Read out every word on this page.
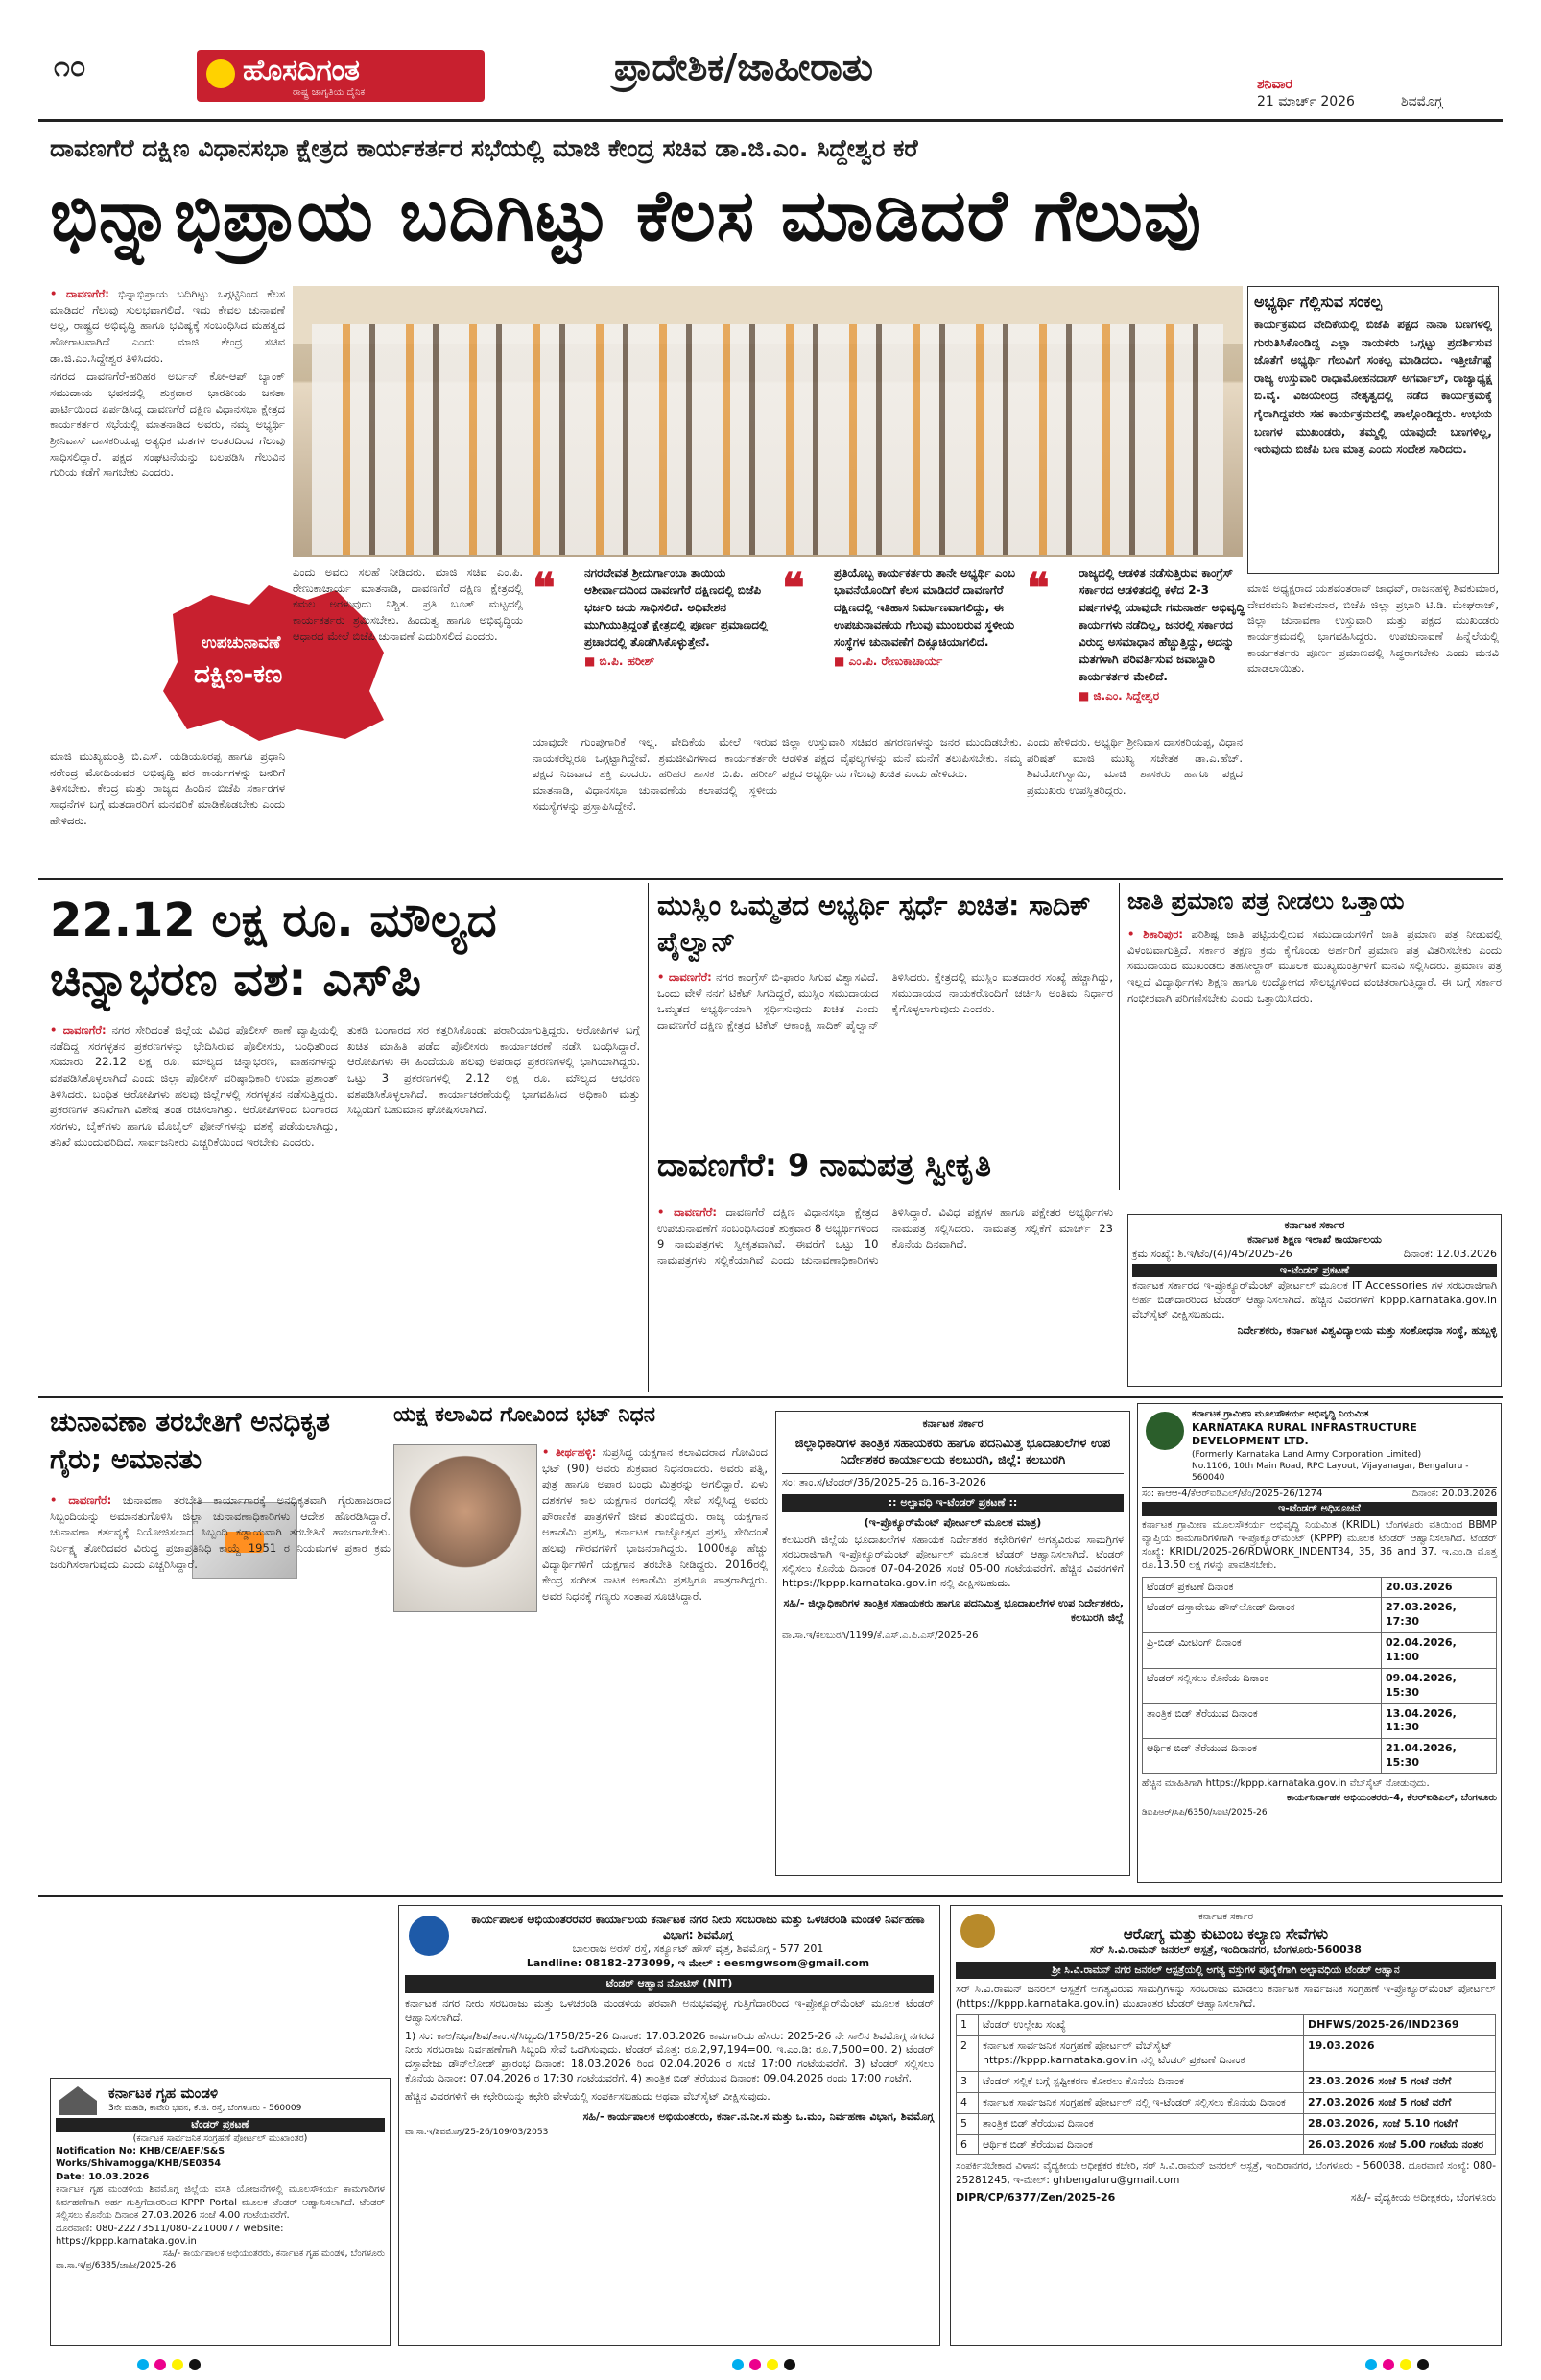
೧೦	ಹೊಸದಿಗಂತ
ರಾಷ್ಟ್ರ ಜಾಗೃತಿಯ ದೈನಿಕ
ಪ್ರಾದೇಶಿಕ/ಜಾಹೀರಾತು	ಶನಿವಾರ
21 ಮಾರ್ಚ್ 2026	ಶಿವಮೊಗ್ಗ
ದಾವಣಗೆರೆ ದಕ್ಷಿಣ ವಿಧಾನಸಭಾ ಕ್ಷೇತ್ರದ ಕಾರ್ಯಕರ್ತರ ಸಭೆಯಲ್ಲಿ ಮಾಜಿ ಕೇಂದ್ರ ಸಚಿವ ಡಾ.ಜಿ.ಎಂ. ಸಿದ್ದೇಶ್ವರ ಕರೆ
ಭಿನ್ನಾಭಿಪ್ರಾಯ ಬದಿಗಿಟ್ಟು ಕೆಲಸ ಮಾಡಿದರೆ ಗೆಲುವು

• ದಾವಣಗೆರೆ: ಭಿನ್ನಾಭಿಪ್ರಾಯ ಬದಿಗಿಟ್ಟು ಒಗ್ಗಟ್ಟಿನಿಂದ ಕೆಲಸ ಮಾಡಿದರೆ ಗೆಲುವು ಸುಲಭವಾಗಲಿದೆ. ಇದು ಕೇವಲ ಚುನಾವಣೆ ಅಲ್ಲ, ರಾಷ್ಟ್ರದ ಅಭಿವೃದ್ಧಿ ಹಾಗೂ ಭವಿಷ್ಯಕ್ಕೆ ಸಂಬಂಧಿಸಿದ ಮಹತ್ವದ ಹೋರಾಟವಾಗಿದೆ ಎಂದು ಮಾಜಿ ಕೇಂದ್ರ ಸಚಿವ ಡಾ.ಜಿ.ಎಂ.ಸಿದ್ದೇಶ್ವರ ತಿಳಿಸಿದರು.

ನಗರದ ದಾವಣಗೆರೆ-ಹರಿಹರ ಅರ್ಬನ್ ಕೋ-ಆಪ್ ಬ್ಯಾಂಕ್ ಸಮುದಾಯ ಭವನದಲ್ಲಿ ಶುಕ್ರವಾರ ಭಾರತೀಯ ಜನತಾ ಪಾರ್ಟಿಯಿಂದ ಏರ್ಪಡಿಸಿದ್ದ ದಾವಣಗೆರೆ ದಕ್ಷಿಣ ವಿಧಾನಸಭಾ ಕ್ಷೇತ್ರದ ಕಾರ್ಯಕರ್ತರ ಸಭೆಯಲ್ಲಿ ಮಾತನಾಡಿದ ಅವರು, ನಮ್ಮ ಅಭ್ಯರ್ಥಿ ಶ್ರೀನಿವಾಸ್ ದಾಸಕರಿಯಪ್ಪ ಅತ್ಯಧಿಕ ಮತಗಳ ಅಂತರದಿಂದ ಗೆಲುವು ಸಾಧಿಸಲಿದ್ದಾರೆ. ಪಕ್ಷದ ಸಂಘಟನೆಯನ್ನು ಬಲಪಡಿಸಿ ಗೆಲುವಿನ ಗುರಿಯ ಕಡೆಗೆ ಸಾಗಬೇಕು ಎಂದರು.

ಉಪಚುನಾವಣೆ
ದಕ್ಷಿಣ-ಕಣ

ಮಾಜಿ ಮುಖ್ಯಮಂತ್ರಿ ಬಿ.ಎಸ್. ಯಡಿಯೂರಪ್ಪ ಹಾಗೂ ಪ್ರಧಾನಿ ನರೇಂದ್ರ ಮೋದಿಯವರ ಅಭಿವೃದ್ಧಿ ಪರ ಕಾರ್ಯಗಳನ್ನು ಜನರಿಗೆ ತಿಳಿಸಬೇಕು. ಕೇಂದ್ರ ಮತ್ತು ರಾಜ್ಯದ ಹಿಂದಿನ ಬಿಜೆಪಿ ಸರ್ಕಾರಗಳ ಸಾಧನೆಗಳ ಬಗ್ಗೆ ಮತದಾರರಿಗೆ ಮನವರಿಕೆ ಮಾಡಿಕೊಡಬೇಕು ಎಂದು ಹೇಳಿದರು.

ಅಭ್ಯರ್ಥಿ ಗೆಲ್ಲಿಸುವ ಸಂಕಲ್ಪ
ಕಾರ್ಯಕ್ರಮದ ವೇದಿಕೆಯಲ್ಲಿ ಬಿಜೆಪಿ ಪಕ್ಷದ ನಾನಾ ಬಣಗಳಲ್ಲಿ ಗುರುತಿಸಿಕೊಂಡಿದ್ದ ಎಲ್ಲಾ ನಾಯಕರು ಒಗ್ಗಟ್ಟು ಪ್ರದರ್ಶಿಸುವ ಜೊತೆಗೆ ಅಭ್ಯರ್ಥಿ ಗೆಲುವಿಗೆ ಸಂಕಲ್ಪ ಮಾಡಿದರು. ಇತ್ತೀಚೆಗಷ್ಟೆ ರಾಜ್ಯ ಉಸ್ತುವಾರಿ ರಾಧಾಮೋಹನದಾಸ್ ಅಗರ್ವಾಲ್, ರಾಜ್ಯಾಧ್ಯಕ್ಷ ಬಿ.ವೈ. ವಿಜಯೇಂದ್ರ ನೇತೃತ್ವದಲ್ಲಿ ನಡೆದ ಕಾರ್ಯಕ್ರಮಕ್ಕೆ ಗೈರಾಗಿದ್ದವರು ಸಹ ಕಾರ್ಯಕ್ರಮದಲ್ಲಿ ಪಾಲ್ಗೊಂಡಿದ್ದರು. ಉಭಯ ಬಣಗಳ ಮುಖಂಡರು, ತಮ್ಮಲ್ಲಿ ಯಾವುದೇ ಬಣಗಳಿಲ್ಲ, ಇರುವುದು ಬಿಜೆಪಿ ಬಣ ಮಾತ್ರ ಎಂದು ಸಂದೇಶ ಸಾರಿದರು.

ಎಂದು ಅವರು ಸಲಹೆ ನೀಡಿದರು. ಮಾಜಿ ಸಚಿವ ಎಂ.ಪಿ. ರೇಣುಕಾಚಾರ್ಯ ಮಾತನಾಡಿ, ದಾವಣಗೆರೆ ದಕ್ಷಿಣ ಕ್ಷೇತ್ರದಲ್ಲಿ ಕಮಲ ಅರಳುವುದು ನಿಶ್ಚಿತ. ಪ್ರತಿ ಬೂತ್ ಮಟ್ಟದಲ್ಲಿ ಕಾರ್ಯಕರ್ತರು ಶ್ರಮಿಸಬೇಕು. ಹಿಂದುತ್ವ ಹಾಗೂ ಅಭಿವೃದ್ಧಿಯ ಆಧಾರದ ಮೇಲೆ ಬಿಜೆಪಿ ಚುನಾವಣೆ ಎದುರಿಸಲಿದೆ ಎಂದರು.

❝	ನಗರದೇವತೆ ಶ್ರೀದುರ್ಗಾಂಬಾ ತಾಯಿಯ ಆಶೀರ್ವಾದದಿಂದ ದಾವಣಗೆರೆ ದಕ್ಷಿಣದಲ್ಲಿ ಬಿಜೆಪಿ ಭರ್ಜರಿ ಜಯ ಸಾಧಿಸಲಿದೆ. ಅಧಿವೇಶನ ಮುಗಿಯುತ್ತಿದ್ದಂತೆ ಕ್ಷೇತ್ರದಲ್ಲಿ ಪೂರ್ಣ ಪ್ರಮಾಣದಲ್ಲಿ ಪ್ರಚಾರದಲ್ಲಿ ತೊಡಗಿಸಿಕೊಳ್ಳುತ್ತೇನೆ.
■ ಬಿ.ಪಿ. ಹರೀಶ್
❝	ಪ್ರತಿಯೊಬ್ಬ ಕಾರ್ಯಕರ್ತರು ತಾನೇ ಅಭ್ಯರ್ಥಿ ಎಂಬ ಭಾವನೆಯೊಂದಿಗೆ ಕೆಲಸ ಮಾಡಿದರೆ ದಾವಣಗೆರೆ ದಕ್ಷಿಣದಲ್ಲಿ ಇತಿಹಾಸ ನಿರ್ಮಾಣವಾಗಲಿದ್ದು, ಈ ಉಪಚುನಾವಣೆಯ ಗೆಲುವು ಮುಂಬರುವ ಸ್ಥಳೀಯ ಸಂಸ್ಥೆಗಳ ಚುನಾವಣೆಗೆ ದಿಕ್ಸೂಚಿಯಾಗಲಿದೆ.
■ ಎಂ.ಪಿ. ರೇಣುಕಾಚಾರ್ಯ
❝	ರಾಜ್ಯದಲ್ಲಿ ಆಡಳಿತ ನಡೆಸುತ್ತಿರುವ ಕಾಂಗ್ರೆಸ್ ಸರ್ಕಾರದ ಆಡಳಿತದಲ್ಲಿ ಕಳೆದ 2-3 ವರ್ಷಗಳಲ್ಲಿ ಯಾವುದೇ ಗಮನಾರ್ಹ ಅಭಿವೃದ್ಧಿ ಕಾರ್ಯಗಳು ನಡೆದಿಲ್ಲ, ಜನರಲ್ಲಿ ಸರ್ಕಾರದ ವಿರುದ್ಧ ಅಸಮಾಧಾನ ಹೆಚ್ಚುತ್ತಿದ್ದು, ಅದನ್ನು ಮತಗಳಾಗಿ ಪರಿವರ್ತಿಸುವ ಜವಾಬ್ದಾರಿ ಕಾರ್ಯಕರ್ತರ ಮೇಲಿದೆ.
■ ಜಿ.ಎಂ. ಸಿದ್ದೇಶ್ವರ

ಯಾವುದೇ ಗುಂಪುಗಾರಿಕೆ ಇಲ್ಲ. ವೇದಿಕೆಯ ಮೇಲೆ ಇರುವ ನಾಯಕರೆಲ್ಲರೂ ಒಗ್ಗಟ್ಟಾಗಿದ್ದೇವೆ. ಶ್ರಮಜೀವಿಗಳಾದ ಕಾರ್ಯಕರ್ತರೇ ಪಕ್ಷದ ನಿಜವಾದ ಶಕ್ತಿ ಎಂದರು. ಹರಿಹರ ಶಾಸಕ ಬಿ.ಪಿ. ಹರೀಶ್ ಮಾತನಾಡಿ, ವಿಧಾನಸಭಾ ಚುನಾವಣೆಯ ಕಲಾಪದಲ್ಲಿ ಸ್ಥಳೀಯ ಸಮಸ್ಯೆಗಳನ್ನು ಪ್ರಸ್ತಾಪಿಸಿದ್ದೇನೆ.

ಜಿಲ್ಲಾ ಉಸ್ತುವಾರಿ ಸಚಿವರ ಹಗರಣಗಳನ್ನು ಜನರ ಮುಂದಿಡಬೇಕು. ಆಡಳಿತ ಪಕ್ಷದ ವೈಫಲ್ಯಗಳನ್ನು ಮನೆ ಮನೆಗೆ ತಲುಪಿಸಬೇಕು. ನಮ್ಮ ಪಕ್ಷದ ಅಭ್ಯರ್ಥಿಯ ಗೆಲುವು ಖಚಿತ ಎಂದು ಹೇಳಿದರು.

ಎಂದು ಹೇಳಿದರು. ಅಭ್ಯರ್ಥಿ ಶ್ರೀನಿವಾಸ ದಾಸಕರಿಯಪ್ಪ, ವಿಧಾನ ಪರಿಷತ್ ಮಾಜಿ ಮುಖ್ಯ ಸಚೇತಕ ಡಾ.ಎ.ಹೆಚ್. ಶಿವಯೋಗಿಸ್ವಾಮಿ, ಮಾಜಿ ಶಾಸಕರು ಹಾಗೂ ಪಕ್ಷದ ಪ್ರಮುಖರು ಉಪಸ್ಥಿತರಿದ್ದರು.

ಮಾಜಿ ಅಧ್ಯಕ್ಷರಾದ ಯಶವಂತರಾವ್ ಜಾಧವ್, ರಾಜನಹಳ್ಳಿ ಶಿವಕುಮಾರ, ದೇವರಮನಿ ಶಿವಕುಮಾರ, ಬಿಜೆಪಿ ಜಿಲ್ಲಾ ಪ್ರಭಾರಿ ಟಿ.ಡಿ. ಮೇಘರಾಜ್, ಜಿಲ್ಲಾ ಚುನಾವಣಾ ಉಸ್ತುವಾರಿ ಮತ್ತು ಪಕ್ಷದ ಮುಖಂಡರು ಕಾರ್ಯಕ್ರಮದಲ್ಲಿ ಭಾಗವಹಿಸಿದ್ದರು. ಉಪಚುನಾವಣೆ ಹಿನ್ನೆಲೆಯಲ್ಲಿ ಕಾರ್ಯಕರ್ತರು ಪೂರ್ಣ ಪ್ರಮಾಣದಲ್ಲಿ ಸಿದ್ಧರಾಗಬೇಕು ಎಂದು ಮನವಿ ಮಾಡಲಾಯಿತು.

22.12 ಲಕ್ಷ ರೂ. ಮೌಲ್ಯದ ಚಿನ್ನಾಭರಣ ವಶ: ಎಸ್‌ಪಿ

• ದಾವಣಗೆರೆ: ನಗರ ಸೇರಿದಂತೆ ಜಿಲ್ಲೆಯ ವಿವಿಧ ಪೊಲೀಸ್ ಠಾಣೆ ವ್ಯಾಪ್ತಿಯಲ್ಲಿ ನಡೆದಿದ್ದ ಸರಗಳ್ಳತನ ಪ್ರಕರಣಗಳನ್ನು ಭೇದಿಸಿರುವ ಪೊಲೀಸರು, ಬಂಧಿತರಿಂದ ಸುಮಾರು 22.12 ಲಕ್ಷ ರೂ. ಮೌಲ್ಯದ ಚಿನ್ನಾಭರಣ, ವಾಹನಗಳನ್ನು ವಶಪಡಿಸಿಕೊಳ್ಳಲಾಗಿದೆ ಎಂದು ಜಿಲ್ಲಾ ಪೊಲೀಸ್ ವರಿಷ್ಠಾಧಿಕಾರಿ ಉಮಾ ಪ್ರಶಾಂತ್ ತಿಳಿಸಿದರು. ಬಂಧಿತ ಆರೋಪಿಗಳು ಹಲವು ಜಿಲ್ಲೆಗಳಲ್ಲಿ ಸರಗಳ್ಳತನ ನಡೆಸುತ್ತಿದ್ದರು. ಪ್ರಕರಣಗಳ ತನಿಖೆಗಾಗಿ ವಿಶೇಷ ತಂಡ ರಚಿಸಲಾಗಿತ್ತು. ಆರೋಪಿಗಳಿಂದ ಬಂಗಾರದ ಸರಗಳು, ಬೈಕ್‌ಗಳು ಹಾಗೂ ಮೊಬೈಲ್ ಫೋನ್‌ಗಳನ್ನು ವಶಕ್ಕೆ ಪಡೆಯಲಾಗಿದ್ದು, ತನಿಖೆ ಮುಂದುವರಿದಿದೆ. ಸಾರ್ವಜನಿಕರು ಎಚ್ಚರಿಕೆಯಿಂದ ಇರಬೇಕು ಎಂದರು.

ತುಕಡಿ ಬಂಗಾರದ ಸರ ಕತ್ತರಿಸಿಕೊಂಡು ಪರಾರಿಯಾಗುತ್ತಿದ್ದರು. ಆರೋಪಿಗಳ ಬಗ್ಗೆ ಖಚಿತ ಮಾಹಿತಿ ಪಡೆದ ಪೊಲೀಸರು ಕಾರ್ಯಾಚರಣೆ ನಡೆಸಿ ಬಂಧಿಸಿದ್ದಾರೆ. ಆರೋಪಿಗಳು ಈ ಹಿಂದೆಯೂ ಹಲವು ಅಪರಾಧ ಪ್ರಕರಣಗಳಲ್ಲಿ ಭಾಗಿಯಾಗಿದ್ದರು. ಒಟ್ಟು 3 ಪ್ರಕರಣಗಳಲ್ಲಿ 2.12 ಲಕ್ಷ ರೂ. ಮೌಲ್ಯದ ಆಭರಣ ವಶಪಡಿಸಿಕೊಳ್ಳಲಾಗಿದೆ. ಕಾರ್ಯಾಚರಣೆಯಲ್ಲಿ ಭಾಗವಹಿಸಿದ ಅಧಿಕಾರಿ ಮತ್ತು ಸಿಬ್ಬಂದಿಗೆ ಬಹುಮಾನ ಘೋಷಿಸಲಾಗಿದೆ.

ಮುಸ್ಲಿಂ ಒಮ್ಮತದ ಅಭ್ಯರ್ಥಿ ಸ್ಪರ್ಧೆ ಖಚಿತ: ಸಾದಿಕ್ ಪೈಲ್ವಾನ್

• ದಾವಣಗೆರೆ: ನಗರ ಕಾಂಗ್ರೆಸ್ ಬಿ-ಫಾರಂ ಸಿಗುವ ವಿಶ್ವಾಸವಿದೆ. ಒಂದು ವೇಳೆ ನನಗೆ ಟಿಕೆಟ್ ಸಿಗದಿದ್ದರೆ, ಮುಸ್ಲಿಂ ಸಮುದಾಯದ ಒಮ್ಮತದ ಅಭ್ಯರ್ಥಿಯಾಗಿ ಸ್ಪರ್ಧಿಸುವುದು ಖಚಿತ ಎಂದು ದಾವಣಗೆರೆ ದಕ್ಷಿಣ ಕ್ಷೇತ್ರದ ಟಿಕೆಟ್ ಆಕಾಂಕ್ಷಿ ಸಾದಿಕ್ ಪೈಲ್ವಾನ್ ತಿಳಿಸಿದರು. ಕ್ಷೇತ್ರದಲ್ಲಿ ಮುಸ್ಲಿಂ ಮತದಾರರ ಸಂಖ್ಯೆ ಹೆಚ್ಚಾಗಿದ್ದು, ಸಮುದಾಯದ ನಾಯಕರೊಂದಿಗೆ ಚರ್ಚಿಸಿ ಅಂತಿಮ ನಿರ್ಧಾರ ಕೈಗೊಳ್ಳಲಾಗುವುದು ಎಂದರು.

ಜಾತಿ ಪ್ರಮಾಣ ಪತ್ರ ನೀಡಲು ಒತ್ತಾಯ

• ಶಿಕಾರಿಪುರ: ಪರಿಶಿಷ್ಟ ಜಾತಿ ಪಟ್ಟಿಯಲ್ಲಿರುವ ಸಮುದಾಯಗಳಿಗೆ ಜಾತಿ ಪ್ರಮಾಣ ಪತ್ರ ನೀಡುವಲ್ಲಿ ವಿಳಂಬವಾಗುತ್ತಿದೆ. ಸರ್ಕಾರ ತಕ್ಷಣ ಕ್ರಮ ಕೈಗೊಂಡು ಅರ್ಹರಿಗೆ ಪ್ರಮಾಣ ಪತ್ರ ವಿತರಿಸಬೇಕು ಎಂದು ಸಮುದಾಯದ ಮುಖಂಡರು ತಹಸೀಲ್ದಾರ್ ಮೂಲಕ ಮುಖ್ಯಮಂತ್ರಿಗಳಿಗೆ ಮನವಿ ಸಲ್ಲಿಸಿದರು. ಪ್ರಮಾಣ ಪತ್ರ ಇಲ್ಲದೆ ವಿದ್ಯಾರ್ಥಿಗಳು ಶಿಕ್ಷಣ ಹಾಗೂ ಉದ್ಯೋಗದ ಸೌಲಭ್ಯಗಳಿಂದ ವಂಚಿತರಾಗುತ್ತಿದ್ದಾರೆ. ಈ ಬಗ್ಗೆ ಸರ್ಕಾರ ಗಂಭೀರವಾಗಿ ಪರಿಗಣಿಸಬೇಕು ಎಂದು ಒತ್ತಾಯಿಸಿದರು.

ದಾವಣಗೆರೆ: 9 ನಾಮಪತ್ರ ಸ್ವೀಕೃತಿ

• ದಾವಣಗೆರೆ: ದಾವಣಗೆರೆ ದಕ್ಷಿಣ ವಿಧಾನಸಭಾ ಕ್ಷೇತ್ರದ ಉಪಚುನಾವಣೆಗೆ ಸಂಬಂಧಿಸಿದಂತೆ ಶುಕ್ರವಾರ 8 ಅಭ್ಯರ್ಥಿಗಳಿಂದ 9 ನಾಮಪತ್ರಗಳು ಸ್ವೀಕೃತವಾಗಿವೆ. ಈವರೆಗೆ ಒಟ್ಟು 10 ನಾಮಪತ್ರಗಳು ಸಲ್ಲಿಕೆಯಾಗಿವೆ ಎಂದು ಚುನಾವಣಾಧಿಕಾರಿಗಳು ತಿಳಿಸಿದ್ದಾರೆ. ವಿವಿಧ ಪಕ್ಷಗಳ ಹಾಗೂ ಪಕ್ಷೇತರ ಅಭ್ಯರ್ಥಿಗಳು ನಾಮಪತ್ರ ಸಲ್ಲಿಸಿದರು. ನಾಮಪತ್ರ ಸಲ್ಲಿಕೆಗೆ ಮಾರ್ಚ್ 23 ಕೊನೆಯ ದಿನವಾಗಿದೆ.

ಕರ್ನಾಟಕ ಸರ್ಕಾರ
ಕರ್ನಾಟಕ ಶಿಕ್ಷಣ ಇಲಾಖೆ ಕಾರ್ಯಾಲಯ
ಕ್ರಮ ಸಂಖ್ಯೆ: ಶಿ.ಇ/ಟೆಂ/(4)/45/2025-26	ದಿನಾಂಕ: 12.03.2026
ಇ-ಟೆಂಡರ್ ಪ್ರಕಟಣೆ
ಕರ್ನಾಟಕ ಸರ್ಕಾರದ ಇ-ಪ್ರೊಕ್ಯೂರ್‌ಮೆಂಟ್ ಪೋರ್ಟಲ್ ಮೂಲಕ IT Accessories ಗಳ ಸರಬರಾಜಿಗಾಗಿ ಅರ್ಹ ಬಿಡ್‌ದಾರರಿಂದ ಟೆಂಡರ್ ಆಹ್ವಾನಿಸಲಾಗಿದೆ. ಹೆಚ್ಚಿನ ವಿವರಗಳಿಗೆ kppp.karnataka.gov.in ವೆಬ್‌ಸೈಟ್ ವೀಕ್ಷಿಸಬಹುದು.
ನಿರ್ದೇಶಕರು, ಕರ್ನಾಟಕ ವಿಶ್ವವಿದ್ಯಾಲಯ ಮತ್ತು ಸಂಶೋಧನಾ ಸಂಸ್ಥೆ, ಹುಬ್ಬಳ್ಳಿ
ಚುನಾವಣಾ ತರಬೇತಿಗೆ ಅನಧಿಕೃತ ಗೈರು; ಅಮಾನತು

• ದಾವಣಗೆರೆ: ಚುನಾವಣಾ ತರಬೇತಿ ಕಾರ್ಯಾಗಾರಕ್ಕೆ ಅನಧಿಕೃತವಾಗಿ ಗೈರುಹಾಜರಾದ ಸಿಬ್ಬಂದಿಯನ್ನು ಅಮಾನತುಗೊಳಿಸಿ ಜಿಲ್ಲಾ ಚುನಾವಣಾಧಿಕಾರಿಗಳು ಆದೇಶ ಹೊರಡಿಸಿದ್ದಾರೆ. ಚುನಾವಣಾ ಕರ್ತವ್ಯಕ್ಕೆ ನಿಯೋಜಿಸಲಾದ ಸಿಬ್ಬಂದಿ ಕಡ್ಡಾಯವಾಗಿ ತರಬೇತಿಗೆ ಹಾಜರಾಗಬೇಕು. ನಿರ್ಲಕ್ಷ್ಯ ತೋರಿದವರ ವಿರುದ್ಧ ಪ್ರಜಾಪ್ರತಿನಿಧಿ ಕಾಯ್ದೆ 1951 ರ ನಿಯಮಗಳ ಪ್ರಕಾರ ಕ್ರಮ ಜರುಗಿಸಲಾಗುವುದು ಎಂದು ಎಚ್ಚರಿಸಿದ್ದಾರೆ.

ಯಕ್ಷ ಕಲಾವಿದ ಗೋವಿಂದ ಭಟ್ ನಿಧನ

• ತೀರ್ಥಹಳ್ಳಿ: ಸುಪ್ರಸಿದ್ಧ ಯಕ್ಷಗಾನ ಕಲಾವಿದರಾದ ಗೋವಿಂದ ಭಟ್ (90) ಅವರು ಶುಕ್ರವಾರ ನಿಧನರಾದರು. ಅವರು ಪತ್ನಿ, ಪುತ್ರ ಹಾಗೂ ಅಪಾರ ಬಂಧು ಮಿತ್ರರನ್ನು ಅಗಲಿದ್ದಾರೆ. ಏಳು ದಶಕಗಳ ಕಾಲ ಯಕ್ಷಗಾನ ರಂಗದಲ್ಲಿ ಸೇವೆ ಸಲ್ಲಿಸಿದ್ದ ಅವರು ಪೌರಾಣಿಕ ಪಾತ್ರಗಳಿಗೆ ಜೀವ ತುಂಬಿದ್ದರು. ರಾಜ್ಯ ಯಕ್ಷಗಾನ ಅಕಾಡೆಮಿ ಪ್ರಶಸ್ತಿ, ಕರ್ನಾಟಕ ರಾಜ್ಯೋತ್ಸವ ಪ್ರಶಸ್ತಿ ಸೇರಿದಂತೆ ಹಲವು ಗೌರವಗಳಿಗೆ ಭಾಜನರಾಗಿದ್ದರು. 1000ಕ್ಕೂ ಹೆಚ್ಚು ವಿದ್ಯಾರ್ಥಿಗಳಿಗೆ ಯಕ್ಷಗಾನ ತರಬೇತಿ ನೀಡಿದ್ದರು. 2016ರಲ್ಲಿ ಕೇಂದ್ರ ಸಂಗೀತ ನಾಟಕ ಅಕಾಡೆಮಿ ಪ್ರಶಸ್ತಿಗೂ ಪಾತ್ರರಾಗಿದ್ದರು. ಅವರ ನಿಧನಕ್ಕೆ ಗಣ್ಯರು ಸಂತಾಪ ಸೂಚಿಸಿದ್ದಾರೆ.

ಕರ್ನಾಟಕ ಸರ್ಕಾರ
ಜಿಲ್ಲಾಧಿಕಾರಿಗಳ ತಾಂತ್ರಿಕ ಸಹಾಯಕರು ಹಾಗೂ ಪದನಿಮಿತ್ತ ಭೂದಾಖಲೆಗಳ ಉಪ ನಿರ್ದೇಶಕರ ಕಾರ್ಯಾಲಯ ಕಲಬುರಗಿ, ಜಿಲ್ಲೆ: ಕಲಬುರಗಿ
ಸಂ: ತಾಂ.ಸ/ಟೆಂಡರ್/36/2025-26 ದಿ.16-3-2026
:: ಅಲ್ಪಾವಧಿ ಇ-ಟೆಂಡರ್ ಪ್ರಕಟಣೆ ::
(ಇ-ಪ್ರೊಕ್ಯೂರ್‌ಮೆಂಟ್ ಪೋರ್ಟಲ್ ಮೂಲಕ ಮಾತ್ರ)
ಕಲಬುರಗಿ ಜಿಲ್ಲೆಯ ಭೂದಾಖಲೆಗಳ ಸಹಾಯಕ ನಿರ್ದೇಶಕರ ಕಛೇರಿಗಳಿಗೆ ಅಗತ್ಯವಿರುವ ಸಾಮಗ್ರಿಗಳ ಸರಬರಾಜಿಗಾಗಿ ಇ-ಪ್ರೊಕ್ಯೂರ್‌ಮೆಂಟ್ ಪೋರ್ಟಲ್ ಮೂಲಕ ಟೆಂಡರ್ ಆಹ್ವಾನಿಸಲಾಗಿದೆ. ಟೆಂಡರ್ ಸಲ್ಲಿಸಲು ಕೊನೆಯ ದಿನಾಂಕ 07-04-2026 ಸಂಜೆ 05-00 ಗಂಟೆಯವರೆಗೆ. ಹೆಚ್ಚಿನ ವಿವರಗಳಿಗೆ https://kppp.karnataka.gov.in ನಲ್ಲಿ ವೀಕ್ಷಿಸಬಹುದು.
ಸಹಿ/- ಜಿಲ್ಲಾಧಿಕಾರಿಗಳ ತಾಂತ್ರಿಕ ಸಹಾಯಕರು ಹಾಗೂ ಪದನಿಮಿತ್ತ ಭೂದಾಖಲೆಗಳ ಉಪ ನಿರ್ದೇಶಕರು, ಕಲಬುರಗಿ ಜಿಲ್ಲೆ
ವಾ.ಸಾ.ಇ/ಕಲಬುರಗಿ/1199/ಕೆ.ಎಸ್.ಎ.ಪಿ.ಎಸ್/2025-26
ಕರ್ನಾಟಕ ಗ್ರಾಮೀಣ ಮೂಲಸೌಕರ್ಯ ಅಭಿವೃದ್ಧಿ ನಿಯಮಿತ
KARNATAKA RURAL INFRASTRUCTURE DEVELOPMENT LTD.
(Formerly Karnataka Land Army Corporation Limited)
No.1106, 10th Main Road, RPC Layout, Vijayanagar, Bengaluru - 560040
ಸಂ: ಕಾಆಆ-4/ಕೆಆರ್‌ಐಡಿಎಲ್/ಟೆಂ/2025-26/1274	ದಿನಾಂಕ: 20.03.2026
ಇ-ಟೆಂಡರ್ ಅಧಿಸೂಚನೆ
ಕರ್ನಾಟಕ ಗ್ರಾಮೀಣ ಮೂಲಸೌಕರ್ಯ ಅಭಿವೃದ್ಧಿ ನಿಯಮಿತ (KRIDL) ಬೆಂಗಳೂರು ವತಿಯಿಂದ BBMP ವ್ಯಾಪ್ತಿಯ ಕಾಮಗಾರಿಗಳಿಗಾಗಿ ಇ-ಪ್ರೊಕ್ಯೂರ್‌ಮೆಂಟ್ (KPPP) ಮೂಲಕ ಟೆಂಡರ್ ಆಹ್ವಾನಿಸಲಾಗಿದೆ. ಟೆಂಡರ್ ಸಂಖ್ಯೆ: KRIDL/2025-26/RDWORK_INDENT34, 35, 36 and 37. ಇ.ಎಂ.ಡಿ ಮೊತ್ತ ರೂ.13.50 ಲಕ್ಷ ಗಳನ್ನು ಪಾವತಿಸಬೇಕು.
ಟೆಂಡರ್ ಪ್ರಕಟಣೆ ದಿನಾಂಕ	20.03.2026
ಟೆಂಡರ್ ದಸ್ತಾವೇಜು ಡೌನ್‌ಲೋಡ್ ದಿನಾಂಕ	27.03.2026, 17:30
ಪ್ರಿ-ಬಿಡ್ ಮೀಟಿಂಗ್ ದಿನಾಂಕ	02.04.2026, 11:00
ಟೆಂಡರ್ ಸಲ್ಲಿಸಲು ಕೊನೆಯ ದಿನಾಂಕ	09.04.2026, 15:30
ತಾಂತ್ರಿಕ ಬಿಡ್ ತೆರೆಯುವ ದಿನಾಂಕ	13.04.2026, 11:30
ಆರ್ಥಿಕ ಬಿಡ್ ತೆರೆಯುವ ದಿನಾಂಕ	21.04.2026, 15:30
ಹೆಚ್ಚಿನ ಮಾಹಿತಿಗಾಗಿ https://kppp.karnataka.gov.in ವೆಬ್‌ಸೈಟ್ ನೋಡುವುದು.
ಕಾರ್ಯನಿರ್ವಾಹಕ ಅಭಿಯಂತರರು-4, ಕೆಆರ್‌ಐಡಿಎಲ್, ಬೆಂಗಳೂರು
ಡಿಐಪಿಆರ್/ಸಿಪಿ/6350/ಸಿಐಟಿ/2025-26
ಕಾರ್ಯಪಾಲಕ ಅಭಿಯಂತರರವರ ಕಾರ್ಯಾಲಯ ಕರ್ನಾಟಕ ನಗರ ನೀರು ಸರಬರಾಜು ಮತ್ತು ಒಳಚರಂಡಿ ಮಂಡಳಿ ನಿರ್ವಹಣಾ ವಿಭಾಗ: ಶಿವಮೊಗ್ಗ
ಬಾಲರಾಜ ಅರಸ್ ರಸ್ತೆ, ಸರ್ಕ್ಯೂಟ್ ಹೌಸ್ ವೃತ್ತ, ಶಿವಮೊಗ್ಗ - 577 201
Landline: 08182-273099, ಇ ಮೇಲ್ : eesmgwsom@gmail.com
ಟೆಂಡರ್ ಆಹ್ವಾನ ನೋಟಿಸ್ (NIT)
ಕರ್ನಾಟಕ ನಗರ ನೀರು ಸರಬರಾಜು ಮತ್ತು ಒಳಚರಂಡಿ ಮಂಡಳಿಯ ಪರವಾಗಿ ಅನುಭವವುಳ್ಳ ಗುತ್ತಿಗೆದಾರರಿಂದ ಇ-ಪ್ರೊಕ್ಯೂರ್‌ಮೆಂಟ್ ಮೂಲಕ ಟೆಂಡರ್ ಆಹ್ವಾನಿಸಲಾಗಿದೆ.
1) ಸಂ: ಕಾಅ/ನಿಭಾ/ಶಿವ/ತಾಂ.ಸ/ಸಿಬ್ಬಂದಿ/1758/25-26 ದಿನಾಂಕ: 17.03.2026 ಕಾಮಗಾರಿಯ ಹೆಸರು: 2025-26 ನೇ ಸಾಲಿನ ಶಿವಮೊಗ್ಗ ನಗರದ ನೀರು ಸರಬರಾಜು ನಿರ್ವಹಣೆಗಾಗಿ ಸಿಬ್ಬಂದಿ ಸೇವೆ ಒದಗಿಸುವುದು. ಟೆಂಡರ್ ಮೊತ್ತ: ರೂ.2,97,194=00. ಇ.ಎಂ.ಡಿ: ರೂ.7,500=00. 2) ಟೆಂಡರ್ ದಸ್ತಾವೇಜು ಡೌನ್‌ಲೋಡ್ ಪ್ರಾರಂಭ ದಿನಾಂಕ: 18.03.2026 ರಿಂದ 02.04.2026 ರ ಸಂಜೆ 17:00 ಗಂಟೆಯವರೆಗೆ. 3) ಟೆಂಡರ್ ಸಲ್ಲಿಸಲು ಕೊನೆಯ ದಿನಾಂಕ: 07.04.2026 ರ 17:30 ಗಂಟೆಯವರೆಗೆ. 4) ತಾಂತ್ರಿಕ ಬಿಡ್ ತೆರೆಯುವ ದಿನಾಂಕ: 09.04.2026 ರಂದು 17:00 ಗಂಟೆಗೆ.
ಹೆಚ್ಚಿನ ವಿವರಗಳಿಗೆ ಈ ಕಛೇರಿಯನ್ನು ಕಛೇರಿ ವೇಳೆಯಲ್ಲಿ ಸಂಪರ್ಕಿಸಬಹುದು ಅಥವಾ ವೆಬ್‌ಸೈಟ್ ವೀಕ್ಷಿಸುವುದು.
ಸಹಿ/- ಕಾರ್ಯಪಾಲಕ ಅಭಿಯಂತರರು, ಕರ್ನಾ.ನ.ನೀ.ಸ ಮತ್ತು ಒ.ಮಂ, ನಿರ್ವಹಣಾ ವಿಭಾಗ, ಶಿವಮೊಗ್ಗ
ವಾ.ಸಾ.ಇ/ಶಿವಮೊಗ್ಗ/25-26/109/03/2053
ಕರ್ನಾಟಕ ಗೃಹ ಮಂಡಳಿ
3ನೇ ಮಹಡಿ, ಕಾವೇರಿ ಭವನ, ಕೆ.ಜಿ. ರಸ್ತೆ, ಬೆಂಗಳೂರು - 560009
ಟೆಂಡರ್ ಪ್ರಕಟಣೆ
(ಕರ್ನಾಟಕ ಸಾರ್ವಜನಿಕ ಸಂಗ್ರಹಣೆ ಪೋರ್ಟಲ್ ಮುಖಾಂತರ)
Notification No: KHB/CE/AEF/S&S Works/Shivamogga/KHB/SE0354
Date: 10.03.2026
ಕರ್ನಾಟಕ ಗೃಹ ಮಂಡಳಿಯ ಶಿವಮೊಗ್ಗ ಜಿಲ್ಲೆಯ ವಸತಿ ಯೋಜನೆಗಳಲ್ಲಿ ಮೂಲಸೌಕರ್ಯ ಕಾಮಗಾರಿಗಳ ನಿರ್ವಹಣೆಗಾಗಿ ಅರ್ಹ ಗುತ್ತಿಗೆದಾರರಿಂದ KPPP Portal ಮೂಲಕ ಟೆಂಡರ್ ಆಹ್ವಾನಿಸಲಾಗಿದೆ. ಟೆಂಡರ್ ಸಲ್ಲಿಸಲು ಕೊನೆಯ ದಿನಾಂಕ 27.03.2026 ಸಂಜೆ 4.00 ಗಂಟೆಯವರೆಗೆ.
ದೂರವಾಣಿ: 080-22273511/080-22100077 website: https://kppp.karnataka.gov.in
ಸಹಿ/- ಕಾರ್ಯಪಾಲಕ ಅಭಿಯಂತರರು, ಕರ್ನಾಟಕ ಗೃಹ ಮಂಡಳಿ, ಬೆಂಗಳೂರು
ವಾ.ಸಾ.ಇ/ಪ್ರ/6385/ಜಾಹೀ/2025-26
ಕರ್ನಾಟಕ ಸರ್ಕಾರ
ಆರೋಗ್ಯ ಮತ್ತು ಕುಟುಂಬ ಕಲ್ಯಾಣ ಸೇವೆಗಳು
ಸರ್ ಸಿ.ವಿ.ರಾಮನ್ ಜನರಲ್ ಆಸ್ಪತ್ರೆ, ಇಂದಿರಾನಗರ, ಬೆಂಗಳೂರು-560038
ಶ್ರೀ ಸಿ.ವಿ.ರಾಮನ್ ನಗರ ಜನರಲ್ ಆಸ್ಪತ್ರೆಯಲ್ಲಿ ಅಗತ್ಯ ವಸ್ತುಗಳ ಪೂರೈಕೆಗಾಗಿ ಅಲ್ಪಾವಧಿಯ ಟೆಂಡರ್ ಆಹ್ವಾನ
ಸರ್ ಸಿ.ವಿ.ರಾಮನ್ ಜನರಲ್ ಆಸ್ಪತ್ರೆಗೆ ಅಗತ್ಯವಿರುವ ಸಾಮಗ್ರಿಗಳನ್ನು ಸರಬರಾಜು ಮಾಡಲು ಕರ್ನಾಟಕ ಸಾರ್ವಜನಿಕ ಸಂಗ್ರಹಣೆ ಇ-ಪ್ರೊಕ್ಯೂರ್‌ಮೆಂಟ್ ಪೋರ್ಟಲ್ (https://kppp.karnataka.gov.in) ಮುಖಾಂತರ ಟೆಂಡರ್ ಆಹ್ವಾನಿಸಲಾಗಿದೆ.
1	ಟೆಂಡರ್ ಉಲ್ಲೇಖ ಸಂಖ್ಯೆ	DHFWS/2025-26/IND2369
2	ಕರ್ನಾಟಕ ಸಾರ್ವಜನಿಕ ಸಂಗ್ರಹಣೆ ಪೋರ್ಟಲ್ ವೆಬ್‌ಸೈಟ್ https://kppp.karnataka.gov.in ನಲ್ಲಿ ಟೆಂಡರ್ ಪ್ರಕಟಣೆ ದಿನಾಂಕ
19.03.2026
3	ಟೆಂಡರ್ ಸಲ್ಲಿಕೆ ಬಗ್ಗೆ ಸ್ಪಷ್ಟೀಕರಣ ಕೋರಲು ಕೊನೆಯ ದಿನಾಂಕ	23.03.2026 ಸಂಜೆ 5 ಗಂಟೆ ವರೆಗೆ
4	ಕರ್ನಾಟಕ ಸಾರ್ವಜನಿಕ ಸಂಗ್ರಹಣೆ ಪೋರ್ಟಲ್ ನಲ್ಲಿ ಇ-ಟೆಂಡರ್ ಸಲ್ಲಿಸಲು ಕೊನೆಯ ದಿನಾಂಕ	27.03.2026 ಸಂಜೆ 5 ಗಂಟೆ ವರೆಗೆ
5	ತಾಂತ್ರಿಕ ಬಿಡ್ ತೆರೆಯುವ ದಿನಾಂಕ	28.03.2026, ಸಂಜೆ 5.10 ಗಂಟೆಗೆ
6	ಆರ್ಥಿಕ ಬಿಡ್ ತೆರೆಯುವ ದಿನಾಂಕ	26.03.2026 ಸಂಜೆ 5.00 ಗಂಟೆಯ ನಂತರ
ಸಂಪರ್ಕಿಸಬೇಕಾದ ವಿಳಾಸ: ವೈದ್ಯಕೀಯ ಅಧೀಕ್ಷಕರ ಕಚೇರಿ, ಸರ್ ಸಿ.ವಿ.ರಾಮನ್ ಜನರಲ್ ಆಸ್ಪತ್ರೆ, ಇಂದಿರಾನಗರ, ಬೆಂಗಳೂರು - 560038. ದೂರವಾಣಿ ಸಂಖ್ಯೆ: 080-25281245, ಇ-ಮೇಲ್: ghbengaluru@gmail.com
DIPR/CP/6377/Zen/2025-26	ಸಹಿ/- ವೈದ್ಯಕೀಯ ಅಧೀಕ್ಷಕರು, ಬೆಂಗಳೂರು
